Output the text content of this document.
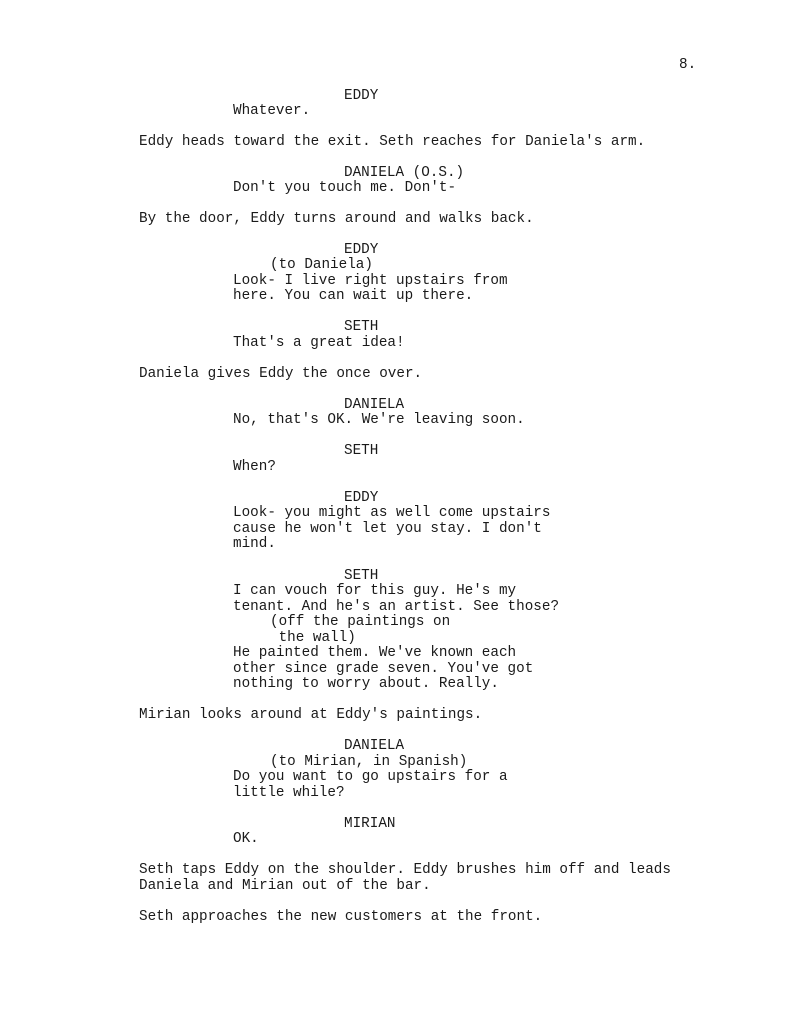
8.
EDDY
Whatever.
Eddy heads toward the exit. Seth reaches for Daniela's arm.
DANIELA (O.S.)
Don't you touch me. Don't-
By the door, Eddy turns around and walks back.
EDDY
(to Daniela)
Look- I live right upstairs from
here. You can wait up there.
SETH
That's a great idea!
Daniela gives Eddy the once over.
DANIELA
No, that's OK. We're leaving soon.
SETH
When?
EDDY
Look- you might as well come upstairs
cause he won't let you stay. I don't
mind.
SETH
I can vouch for this guy. He's my
tenant. And he's an artist. See those?
(off the paintings on
the wall)
He painted them. We've known each
other since grade seven. You've got
nothing to worry about. Really.
Mirian looks around at Eddy's paintings.
DANIELA
(to Mirian, in Spanish)
Do you want to go upstairs for a
little while?
MIRIAN
OK.
Seth taps Eddy on the shoulder. Eddy brushes him off and leads
Daniela and Mirian out of the bar.
Seth approaches the new customers at the front.
